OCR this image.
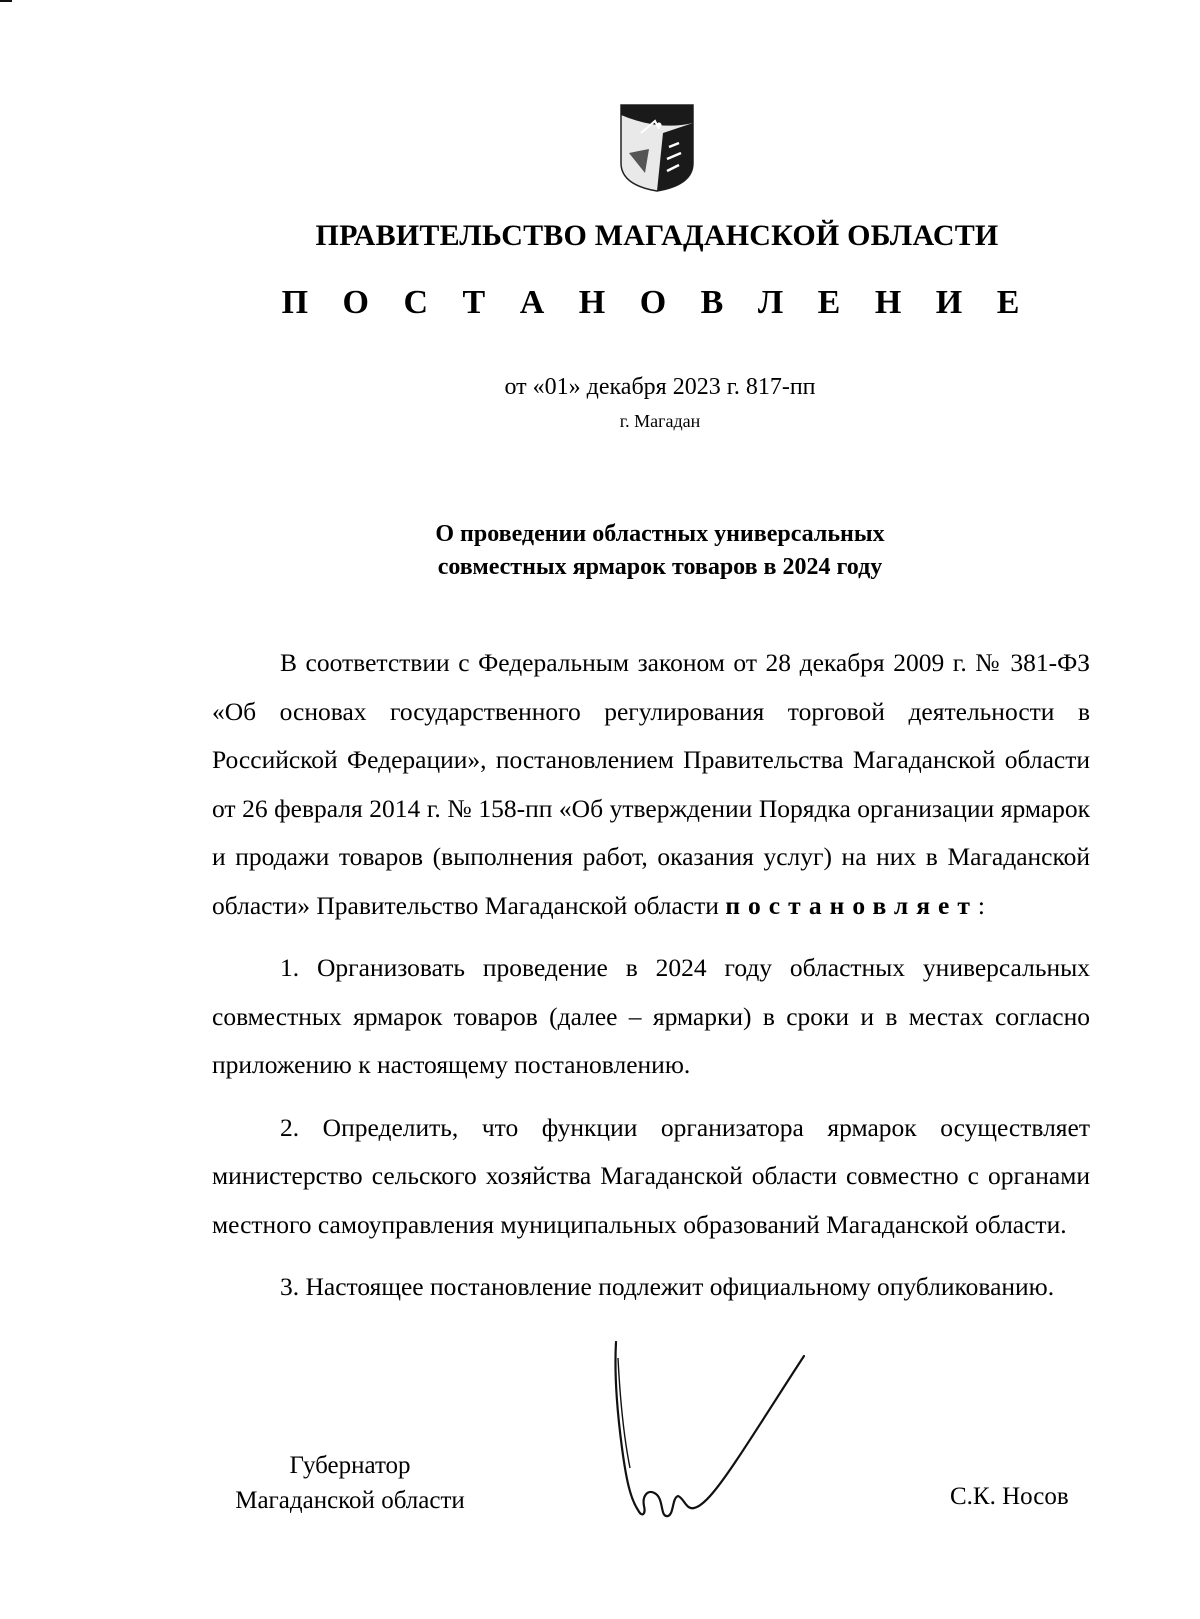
ПРАВИТЕЛЬСТВО МАГАДАНСКОЙ ОБЛАСТИ
П О С Т А Н О В Л Е Н И Е
от «01» декабря 2023 г. 817-пп
г. Магадан
О проведении областных универсальных
совместных ярмарок товаров в 2024 году

В соответствии с Федеральным законом от 28 декабря 2009 г. № 381-ФЗ «Об основах государственного регулирования торговой деятельности в Российской Федерации», постановлением Правительства Магаданской области от 26 февраля 2014 г. № 158-пп «Об утверждении Порядка организации ярмарок и продажи товаров (выполнения работ, оказания услуг) на них в Магаданской области» Правительство Магаданской области постановляет:

1. Организовать проведение в 2024 году областных универсальных совместных ярмарок товаров (далее – ярмарки) в сроки и в местах согласно приложению к настоящему постановлению.

2. Определить, что функции организатора ярмарок осуществляет министерство сельского хозяйства Магаданской области совместно с органами местного самоуправления муниципальных образований Магаданской области.

3. Настоящее постановление подлежит официальному опубликованию.

Губернатор
Магаданской области	С.К. Носов
